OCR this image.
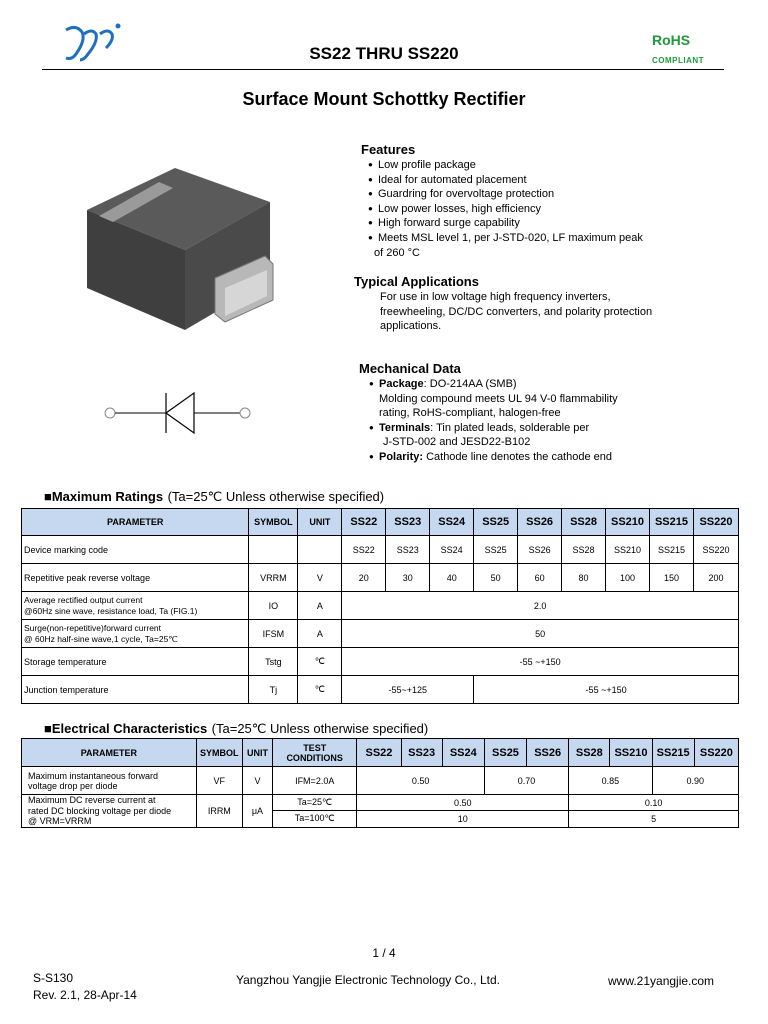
SS22 THRU SS220
RoHS
COMPLIANT
Surface Mount Schottky Rectifier
Features
● Low profile package
● Ideal for automated placement
● Guardring for overvoltage protection
● Low power losses, high efficiency
● High forward surge capability
● Meets MSL level 1, per J-STD-020, LF maximum peak
of 260 °C
Typical Applications
For use in low voltage high frequency inverters,
freewheeling, DC/DC converters, and polarity protection
applications.
Mechanical Data
● Package: DO-214AA (SMB)
Molding compound meets UL 94 V-0 flammability
rating, RoHS-compliant, halogen-free
● Terminals: Tin plated leads, solderable per
J-STD-002 and JESD22-B102
● Polarity: Cathode line denotes the cathode end
■Maximum Ratings (Ta=25℃ Unless otherwise specified)
PARAMETER	SYMBOL	UNIT	SS22	SS23	SS24	SS25	SS26	SS28	SS210	SS215	SS220
Device marking code			SS22	SS23	SS24	SS25	SS26	SS28	SS210	SS215	SS220
Repetitive peak reverse voltage	VRRM	V	20	30	40	50	60	80	100	150	200

Average rectified output current
@60Hz sine wave, resistance load, Ta (FIG.1)	IO	A	2.0								

Surge(non-repetitive)forward current
@ 60Hz half-sine wave,1 cycle, Ta=25℃	IFSM	A	50								
Storage temperature	Tstg	℃	-55 ~+150								
Junction temperature	Tj	℃	-55~+125			-55 ~+150					
■Electrical Characteristics (Ta=25℃ Unless otherwise specified)
PARAMETER	SYMBOL	UNIT	TEST CONDITIONS	SS22	SS23	SS24	SS25	SS26	SS28	SS210	SS215	SS220

Maximum instantaneous forward
voltage drop per diode	VF	V	IFM=2.0A	0.50			0.70		0.85		0.90	

Maximum DC reverse current at
rated DC blocking voltage per diode
@ VRM=VRRM	IRRM	μA	Ta=25℃	0.50					0.10			
			Ta=100℃	10					5			
1 / 4
S-S130
Rev. 2.1, 28-Apr-14
Yangzhou Yangjie Electronic Technology Co., Ltd.	www.21yangjie.com
